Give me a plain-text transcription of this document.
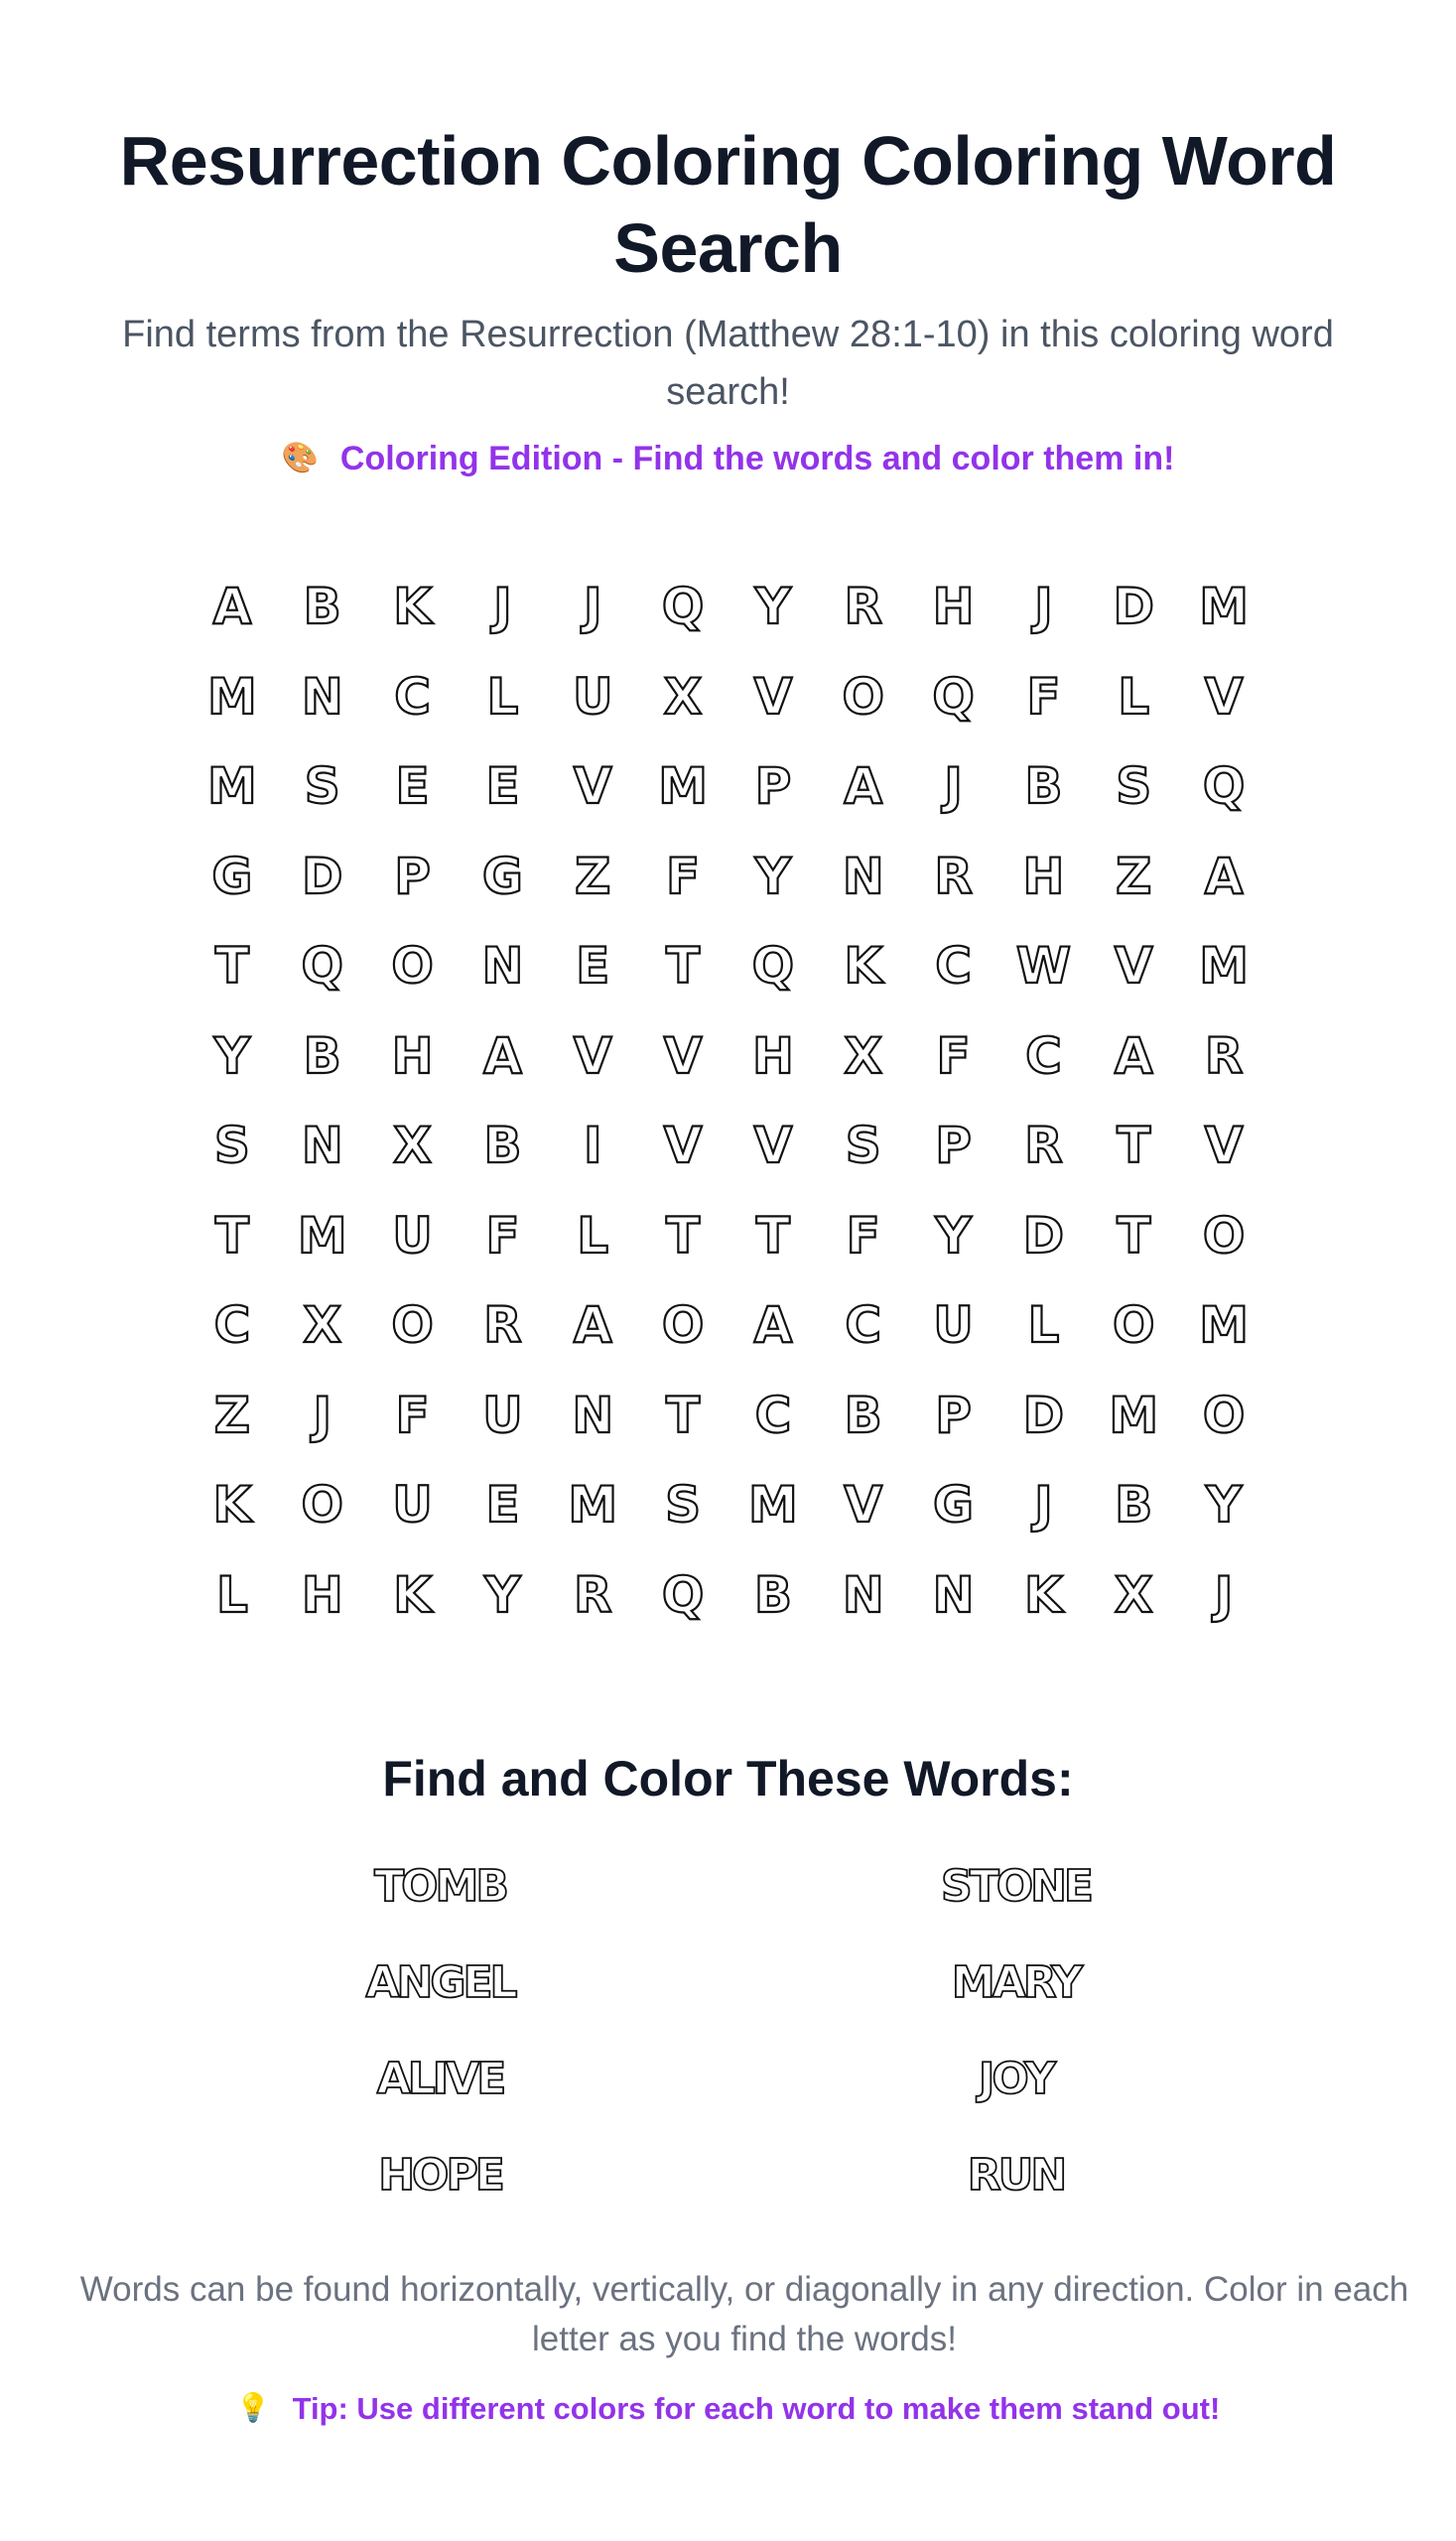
Resurrection Coloring Coloring Word Search
Find terms from the Resurrection (Matthew 28:1-10) in this coloring word search!
🎨 Coloring Edition - Find the words and color them in!
A	B	K	J	J	Q	Y	R	H	J	D M
M N	C	L	U	X	V	O Q	F	L	V
M S	E	E	V M P	A	J	B	S	Q
G D	P	G	Z	F	Y	N	R	H	Z	A
T	Q O N	E	T	Q	K	C W V M
Y	B	H	A	V	V	H	X	F	C	A	R
S	N	X	B	I	V	V	S	P	R	T	V
T M U	F	L	T	T	F	Y	D	T	O
C	X	O	R	A	O	A	C	U	L	O M
Z	J	F	U N	T	C	B	P	D M O
K	O U	E M S M V	G	J	B	Y
L	H	K	Y	R	Q	B	N N	K	X	J
Find and Color These Words:
TOMB	STONE
ANGEL	MARY
ALIVE	JOY
HOPE	RUN
Words can be found horizontally, vertically, or diagonally in any direction. Color in each letter as you find the words!
💡 Tip: Use different colors for each word to make them stand out!
